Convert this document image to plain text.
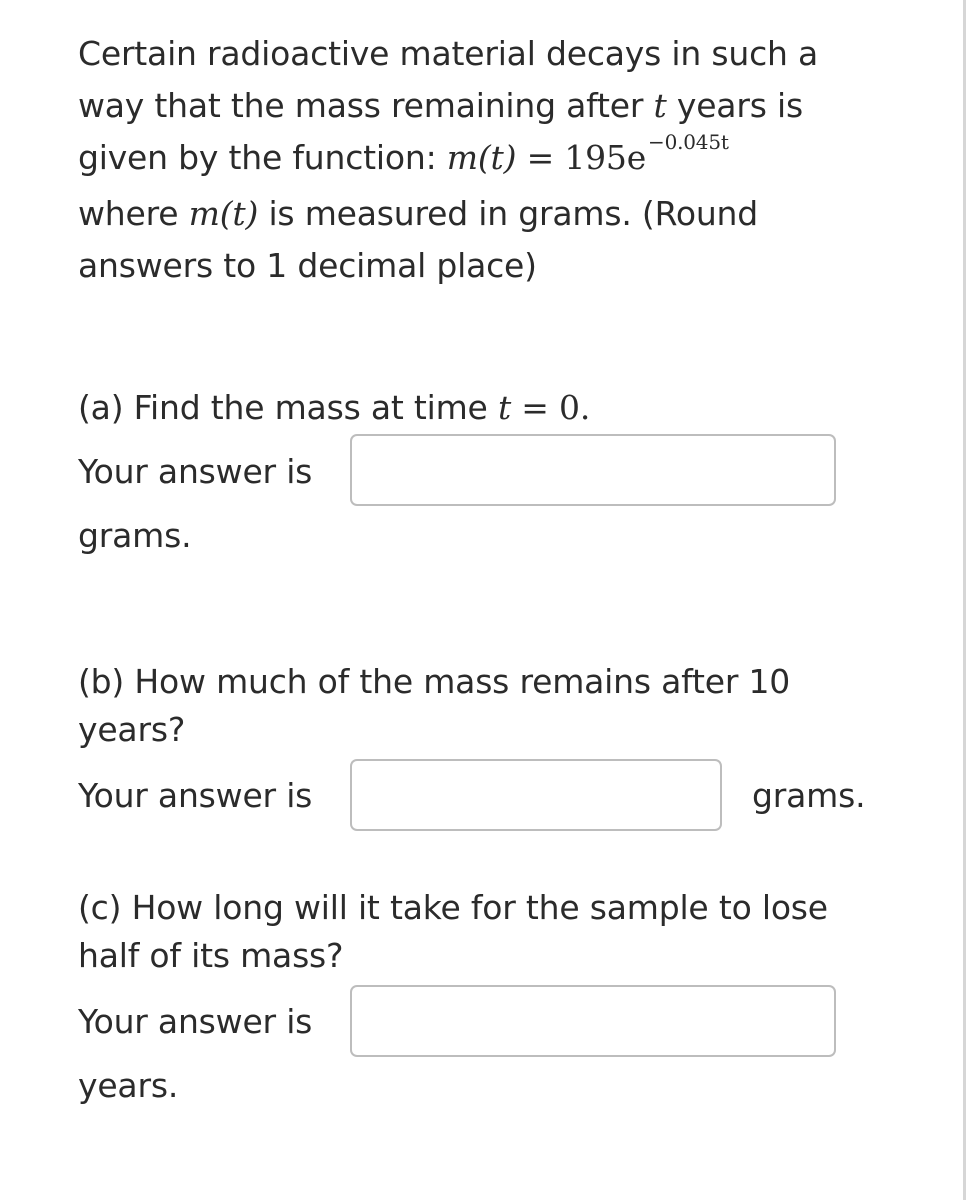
Certain radioactive material decays in such a
way that the mass remaining after t years is
given by the function: m(t) = 195e $^{-0.045t}$
where m(t) is measured in grams. (Round
answers to 1 decimal place)
(a) Find the mass at time t = 0.
Your answer is
grams.
(b) How much of the mass remains after 10
years?
Your answer is	grams.
(c) How long will it take for the sample to lose
half of its mass?
Your answer is
years.
